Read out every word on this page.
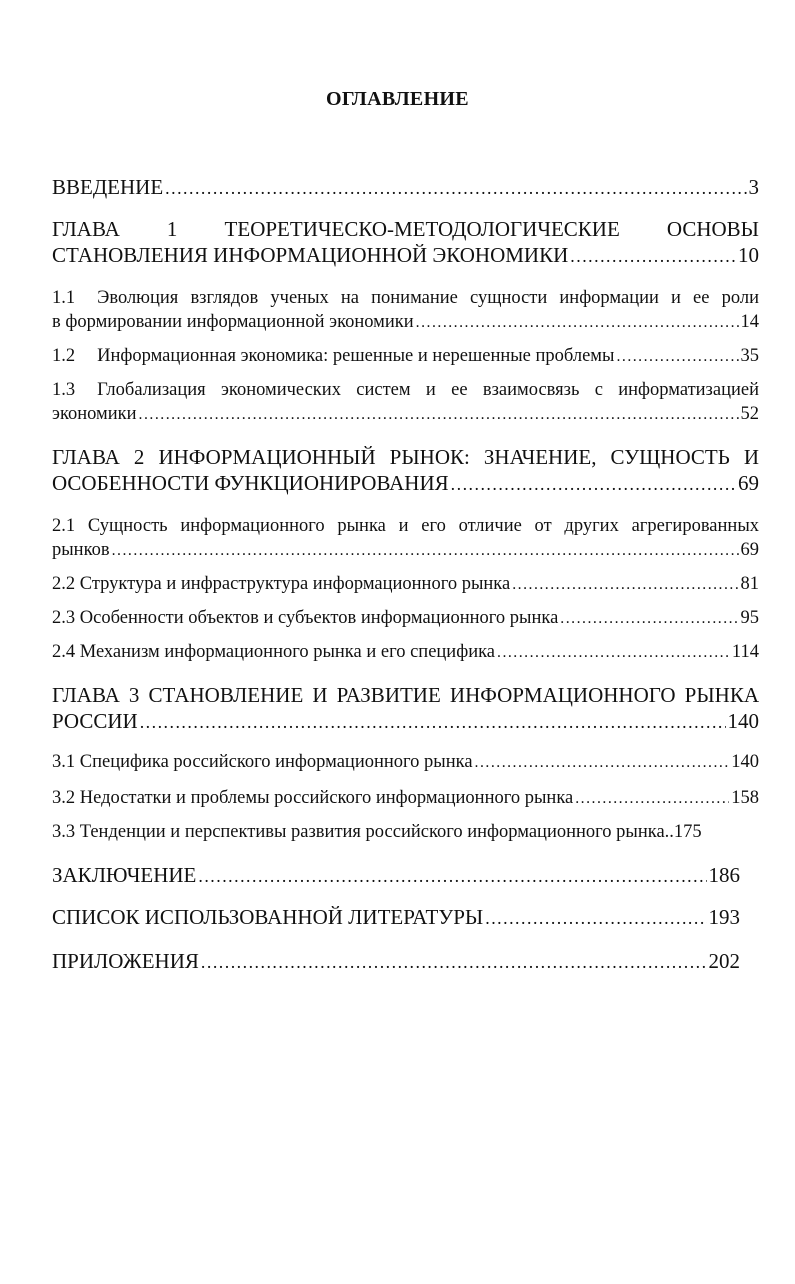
ОГЛАВЛЕНИЕ
ВВЕДЕНИЕ .....	3
ГЛАВА 1 ТЕОРЕТИЧЕСКО-МЕТОДОЛОГИЧЕСКИЕ ОСНОВЫ
СТАНОВЛЕНИЯ ИНФОРМАЦИОННОЙ ЭКОНОМИКИ .....	10
1.1 Эволюция взглядов ученых на понимание сущности информации и ее роли
в формировании информационной экономики .....	14
1.2 Информационная экономика: решенные и нерешенные проблемы .....	35
1.3 Глобализация экономических систем и ее взаимосвязь с информатизацией
экономики .....	52
ГЛАВА 2 ИНФОРМАЦИОННЫЙ РЫНОК: ЗНАЧЕНИЕ, СУЩНОСТЬ И
ОСОБЕННОСТИ ФУНКЦИОНИРОВАНИЯ .....	69
2.1 Сущность информационного рынка и его отличие от других агрегированных
рынков .....	69
2.2 Структура и инфраструктура информационного рынка .....	81
2.3 Особенности объектов и субъектов информационного рынка .....	95
2.4 Механизм информационного рынка и его специфика .....	114
ГЛАВА 3 СТАНОВЛЕНИЕ И РАЗВИТИЕ ИНФОРМАЦИОННОГО РЫНКА
РОССИИ .....	140
3.1 Специфика российского информационного рынка .....	140
3.2 Недостатки и проблемы российского информационного рынка .....	158
3.3 Тенденции и перспективы развития российского информационного рынка.. 175
ЗАКЛЮЧЕНИЕ .....	186
СПИСОК ИСПОЛЬЗОВАННОЙ ЛИТЕРАТУРЫ .....	193
ПРИЛОЖЕНИЯ .....	202
